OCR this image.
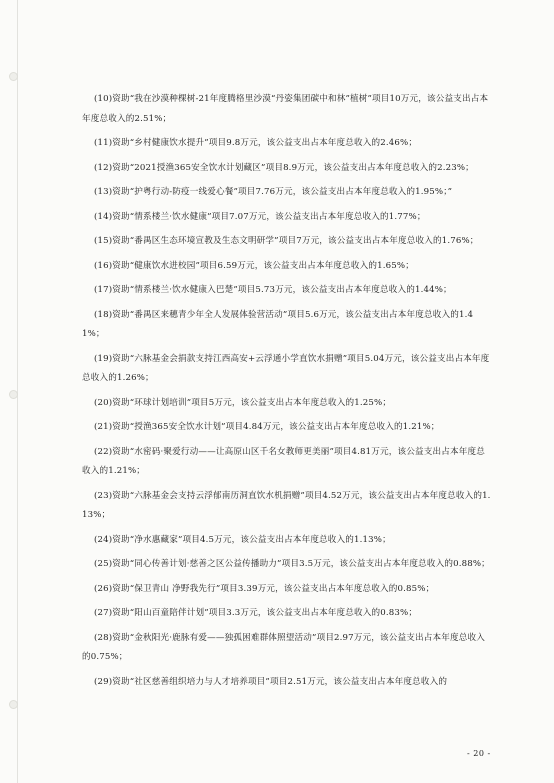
(10)资助“我在沙漠种棵树-21年度腾格里沙漠“丹姿集团碳中和林”植树”项目10万元，该公益支出占本年度总收入的2.51%；

(11)资助“乡村健康饮水提升”项目9.8万元，该公益支出占本年度总收入的2.46%；

(12)资助“2021授渔365安全饮水计划藏区”项目8.9万元，该公益支出占本年度总收入的2.23%；

(13)资助“护粤行动-防疫一线爱心餐”项目7.76万元，该公益支出占本年度总收入的1.95%；”

(14)资助“情系楼兰·饮水健康”项目7.07万元，该公益支出占本年度总收入的1.77%；

(15)资助“番禺区生态环境宣教及生态文明研学”项目7万元，该公益支出占本年度总收入的1.76%；

(16)资助“健康饮水进校园”项目6.59万元，该公益支出占本年度总收入的1.65%；

(17)资助“情系楼兰·饮水健康入巴楚”项目5.73万元，该公益支出占本年度总收入的1.44%；

(18)资助“番禺区来穗青少年全人发展体验营活动”项目5.6万元，该公益支出占本年度总收入的1.41%；

(19)资助“六脉基金会捐款支持江西高安+云浮通小学直饮水捐赠”项目5.04万元，该公益支出占本年度总收入的1.26%；

(20)资助“环球计划培训”项目5万元，该公益支出占本年度总收入的1.25%；

(21)资助“授渔365安全饮水计划”项目4.84万元，该公益支出占本年度总收入的1.21%；

(22)资助“水密码·聚爱行动——让高原山区千名女教师更美丽”项目4.81万元，该公益支出占本年度总收入的1.21%；

(23)资助“六脉基金会支持云浮郁南历洞直饮水机捐赠”项目4.52万元，该公益支出占本年度总收入的1.13%；

(24)资助“净水惠藏家”项目4.5万元，该公益支出占本年度总收入的1.13%；

(25)资助“同心传善计划·慈善之区公益传播助力”项目3.5万元，该公益支出占本年度总收入的0.88%；

(26)资助“保卫青山 净野我先行”项目3.39万元，该公益支出占本年度总收入的0.85%；

(27)资助“阳山百童陪伴计划”项目3.3万元，该公益支出占本年度总收入的0.83%；

(28)资助“金秋阳光·鹿脉有爱——独孤困难群体照望活动”项目2.97万元，该公益支出占本年度总收入的0.75%；

(29)资助“社区慈善组织培力与人才培养项目”项目2.51万元，该公益支出占本年度总收入的

- 20 -
